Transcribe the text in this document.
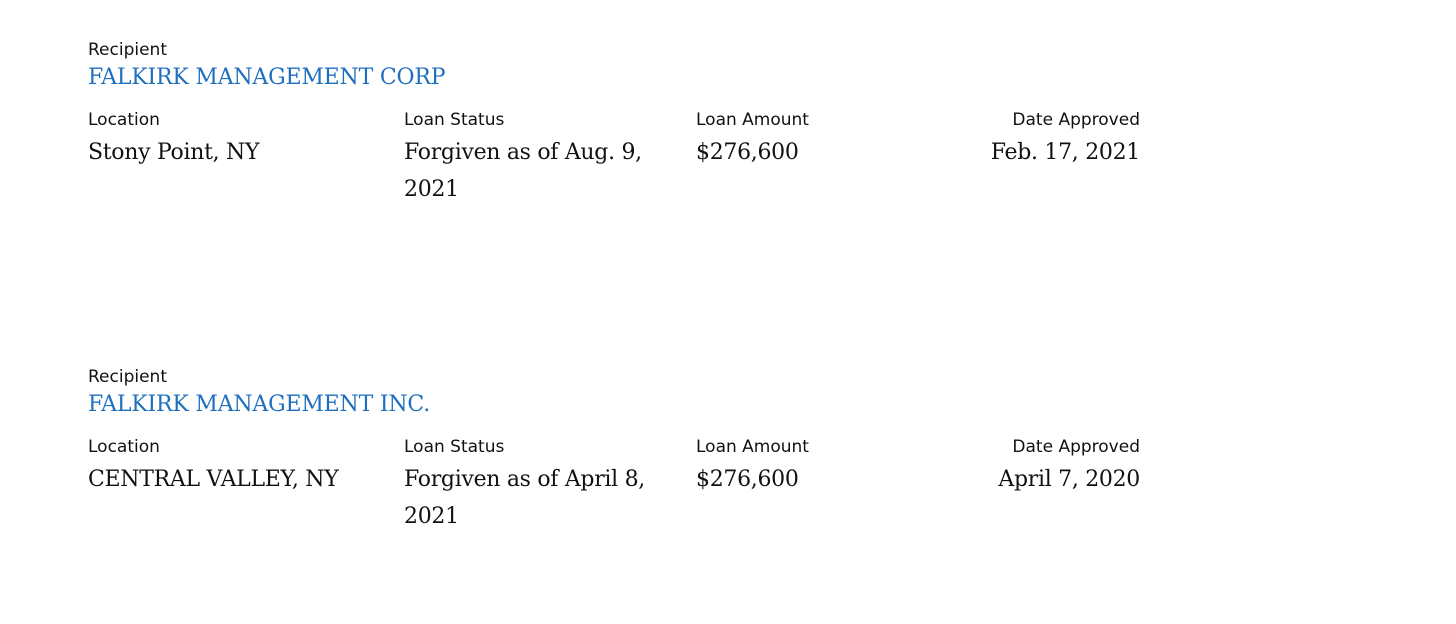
Recipient
FALKIRK MANAGEMENT CORP
Location
Stony Point, NY
Loan Status
Forgiven as of Aug. 9, 2021
Loan Amount
$276,600
Date Approved
Feb. 17, 2021
Recipient
FALKIRK MANAGEMENT INC.
Location
CENTRAL VALLEY, NY
Loan Status
Forgiven as of April 8, 2021
Loan Amount
$276,600
Date Approved
April 7, 2020
